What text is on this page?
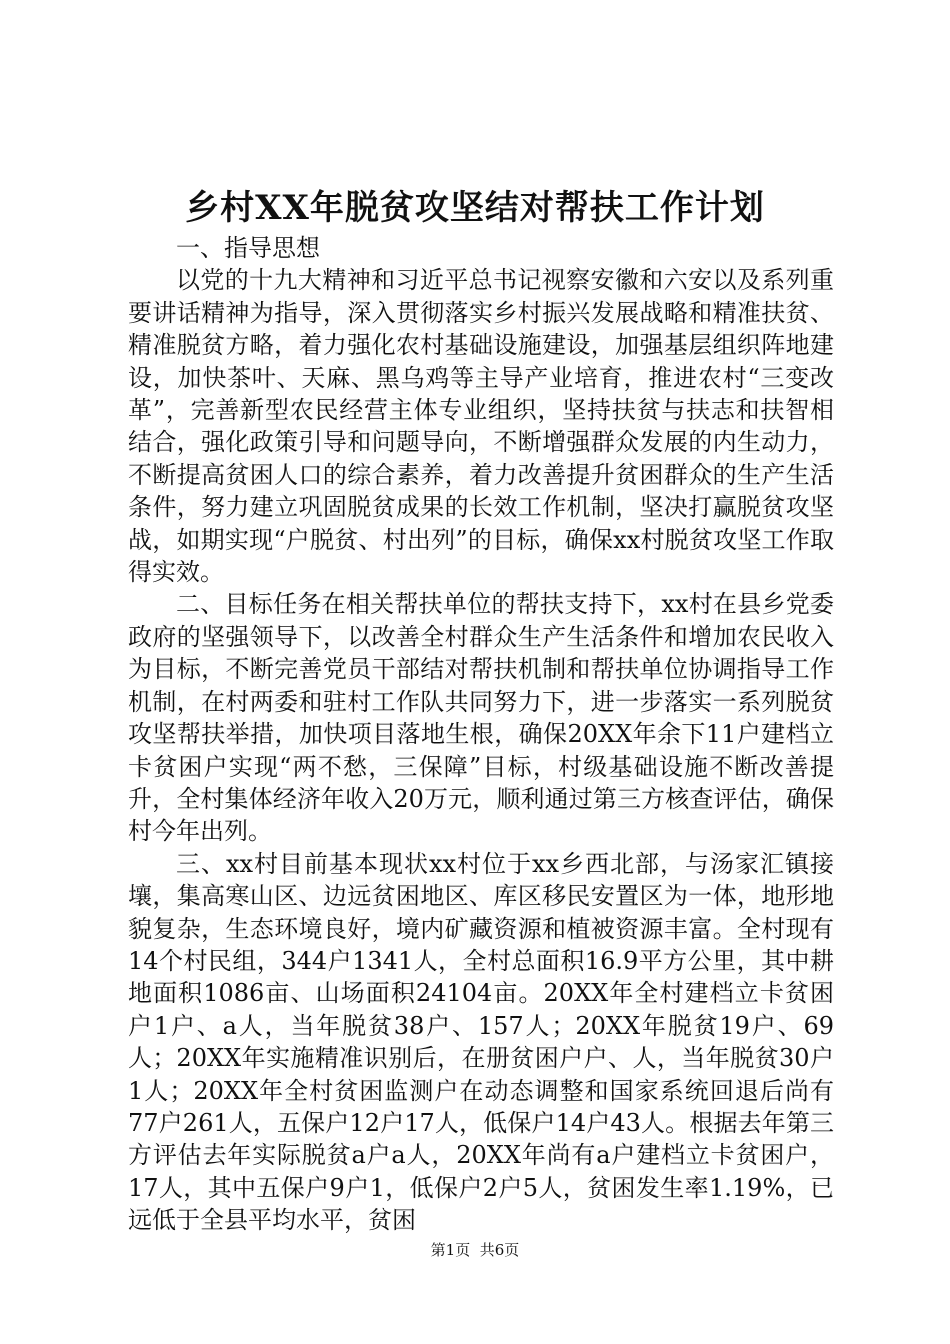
乡村XX年脱贫攻坚结对帮扶工作计划

一、指导思想

以党的十九大精神和习近平总书记视察安徽和六安以及系列重要讲话精神为指导，深入贯彻落实乡村振兴发展战略和精准扶贫、精准脱贫方略，着力强化农村基础设施建设，加强基层组织阵地建设，加快茶叶、天麻、黑乌鸡等主导产业培育，推进农村“三变改革”，完善新型农民经营主体专业组织，坚持扶贫与扶志和扶智相结合，强化政策引导和问题导向，不断增强群众发展的内生动力，不断提高贫困人口的综合素养，着力改善提升贫困群众的生产生活条件，努力建立巩固脱贫成果的长效工作机制，坚决打赢脱贫攻坚战，如期实现“户脱贫、村出列”的目标，确保xx村脱贫攻坚工作取得实效。

二、目标任务在相关帮扶单位的帮扶支持下，xx村在县乡党委政府的坚强领导下，以改善全村群众生产生活条件和增加农民收入为目标，不断完善党员干部结对帮扶机制和帮扶单位协调指导工作机制，在村两委和驻村工作队共同努力下，进一步落实一系列脱贫攻坚帮扶举措，加快项目落地生根，确保20XX年余下11户建档立卡贫困户实现“两不愁，三保障”目标，村级基础设施不断改善提升，全村集体经济年收入20万元，顺利通过第三方核查评估，确保村今年出列。

三、xx村目前基本现状xx村位于xx乡西北部，与汤家汇镇接壤，集高寒山区、边远贫困地区、库区移民安置区为一体，地形地貌复杂，生态环境良好，境内矿藏资源和植被资源丰富。全村现有14个村民组，344户1341人，全村总面积16.9平方公里，其中耕地面积1086亩、山场面积24104亩。20XX年全村建档立卡贫困户1户、a人，当年脱贫38户、157人；20XX年脱贫19户、69人；20XX年实施精准识别后，在册贫困户户、人，当年脱贫30户1人；20XX年全村贫困监测户在动态调整和国家系统回退后尚有77户261人，五保户12户17人，低保户14户43人。根据去年第三方评估去年实际脱贫a户a人，20XX年尚有a户建档立卡贫困户，17人，其中五保户9户1，低保户2户5人，贫困发生率1.19%，已远低于全县平均水平，贫困

第1页 共6页
